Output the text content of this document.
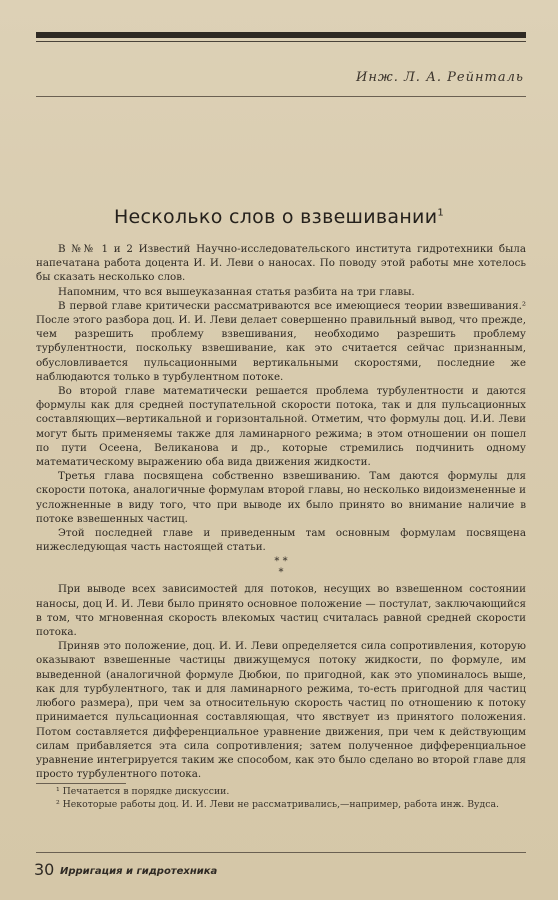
Инж. Л. А. Рейнталь
Несколько слов о взвешивании$^1$

В №№ 1 и 2 Известий Научно-исследовательского института гидротехники была напечатана работа доцента И. И. Леви о наносах. По поводу этой работы мне хотелось бы сказать несколько слов.

Напомним, что вся вышеуказанная статья разбита на три главы.

В первой главе критически рассматриваются все имеющиеся теории взвешивания.² После этого разбора доц. И. И. Леви делает совершенно правильный вывод, что прежде, чем разрешить проблему взвешивания, необходимо разрешить проблему турбулентности, поскольку взвешивание, как это считается сейчас признанным, обусловливается пульсационными вертикальными скоростями, последние же наблюдаются только в турбулентном потоке.

Во второй главе математически решается проблема турбулентности и даются формулы как для средней поступательной скорости потока, так и для пульсационных составляющих—вертикальной и горизонтальной. Отметим, что формулы доц. И.И. Леви могут быть применяемы также для ламинарного режима; в этом отношении он пошел по пути Осеена, Великанова и др., которые стремились подчинить одному математическому выражению оба вида движения жидкости.

Третья глава посвящена собственно взвешиванию. Там даются формулы для скорости потока, аналогичные формулам второй главы, но несколько видоизмененные и усложненные в виду того, что при выводе их было принято во внимание наличие в потоке взвешенных частиц.

Этой последней главе и приведенным там основным формулам посвящена нижеследующая часть настоящей статьи.

* *
*

При выводе всех зависимостей для потоков, несущих во взвешенном состоянии наносы, доц И. И. Леви было принято основное положение — постулат, заключающийся в том, что мгновенная скорость влекомых частиц считалась равной средней скорости потока.

Приняв это положение, доц. И. И. Леви определяется сила сопротивления, которую оказывают взвешенные частицы движущемуся потоку жидкости, по формуле, им выведенной (аналогичной формуле Дюбюи, по пригодной, как это упоминалось выше, как для турбулентного, так и для ламинарного режима, то-есть пригодной для частиц любого размера), при чем за относительную скорость частиц по отношению к потоку принимается пульсационная составляющая, что явствует из принятого положения. Потом составляется дифференциальное уравнение движения, при чем к действующим силам прибавляется эта сила сопротивления; затем полученное дифференциальное уравнение интегрируется таким же способом, как это было сделано во второй главе для просто турбулентного потока.

¹ Печатается в порядке дискуссии.
² Некоторые работы доц. И. И. Леви не рассматривались,—например, работа инж. Вудса.
30 Ирригация и гидротехника
